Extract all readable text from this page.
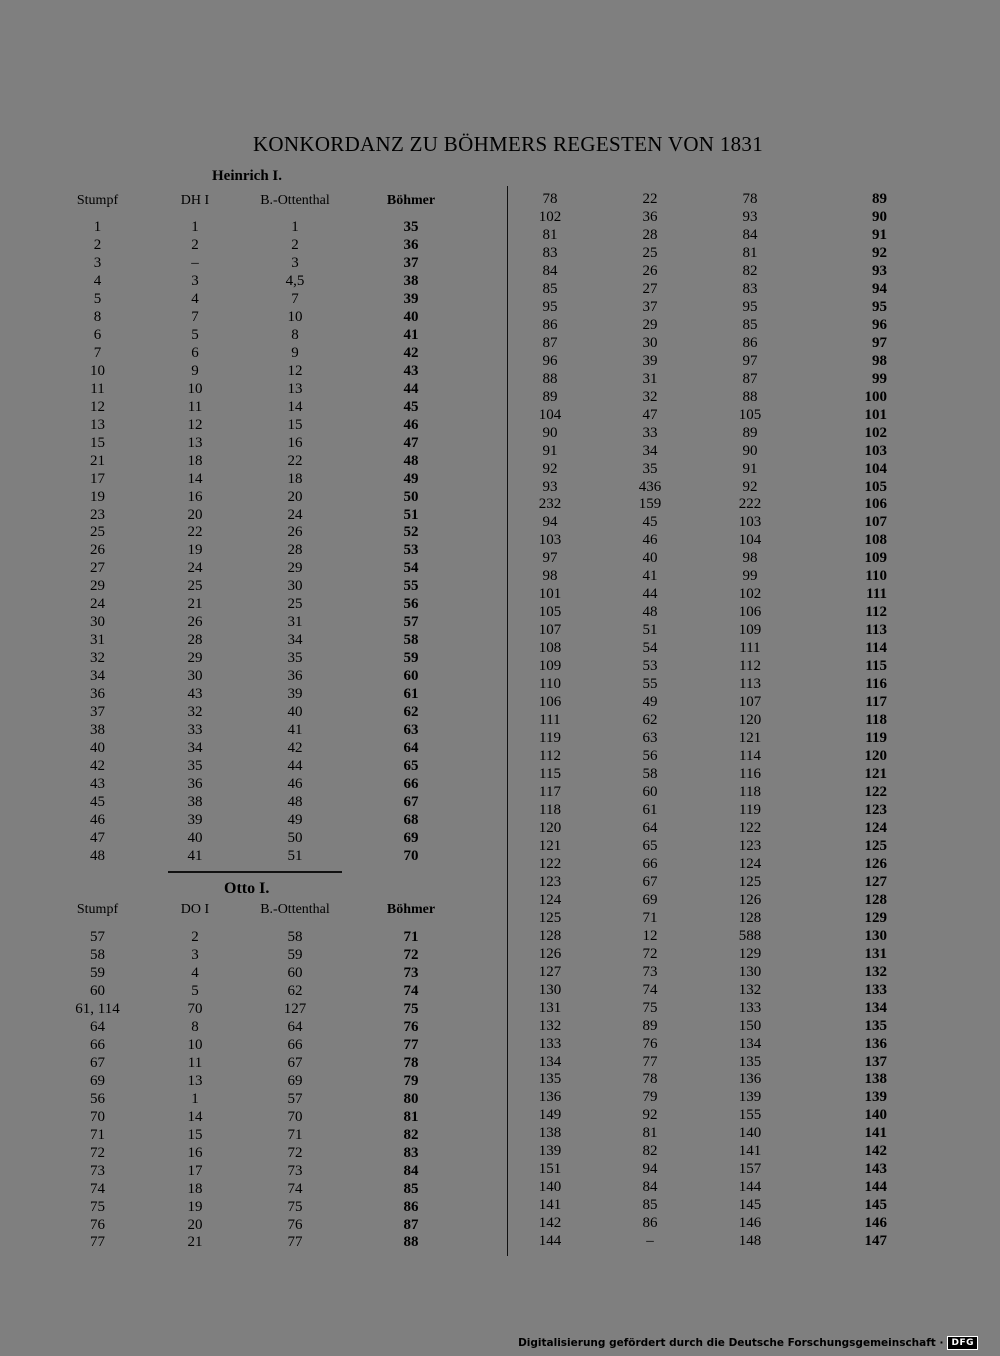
KONKORDANZ ZU BÖHMERS REGESTEN VON 1831
Heinrich I.
Stumpf	DH I	B.-Ottenthal	Böhmer
1	1	1	35
2	2	2	36
3	–	3	37
4	3	4,5	38
5	4	7	39
8	7	10	40
6	5	8	41
7	6	9	42
10	9	12	43
11	10	13	44
12	11	14	45
13	12	15	46
15	13	16	47
21	18	22	48
17	14	18	49
19	16	20	50
23	20	24	51
25	22	26	52
26	19	28	53
27	24	29	54
29	25	30	55
24	21	25	56
30	26	31	57
31	28	34	58
32	29	35	59
34	30	36	60
36	43	39	61
37	32	40	62
38	33	41	63
40	34	42	64
42	35	44	65
43	36	46	66
45	38	48	67
46	39	49	68
47	40	50	69
48	41	51	70
Otto I.
Stumpf	DO I	B.-Ottenthal	Böhmer
57	2	58	71
58	3	59	72
59	4	60	73
60	5	62	74
61, 114	70	127	75
64	8	64	76
66	10	66	77
67	11	67	78
69	13	69	79
56	1	57	80
70	14	70	81
71	15	71	82
72	16	72	83
73	17	73	84
74	18	74	85
75	19	75	86
76	20	76	87
77	21	77	88
78	22	78	89
102	36	93	90
81	28	84	91
83	25	81	92
84	26	82	93
85	27	83	94
95	37	95	95
86	29	85	96
87	30	86	97
96	39	97	98
88	31	87	99
89	32	88	100
104	47	105	101
90	33	89	102
91	34	90	103
92	35	91	104
93	436	92	105
232	159	222	106
94	45	103	107
103	46	104	108
97	40	98	109
98	41	99	110
101	44	102	111
105	48	106	112
107	51	109	113
108	54	111	114
109	53	112	115
110	55	113	116
106	49	107	117
111	62	120	118
119	63	121	119
112	56	114	120
115	58	116	121
117	60	118	122
118	61	119	123
120	64	122	124
121	65	123	125
122	66	124	126
123	67	125	127
124	69	126	128
125	71	128	129
128	12	588	130
126	72	129	131
127	73	130	132
130	74	132	133
131	75	133	134
132	89	150	135
133	76	134	136
134	77	135	137
135	78	136	138
136	79	139	139
149	92	155	140
138	81	140	141
139	82	141	142
151	94	157	143
140	84	144	144
141	85	145	145
142	86	146	146
144	–	148	147
Digitalisierung gefördert durch die Deutsche Forschungsgemeinschaft · DFG
